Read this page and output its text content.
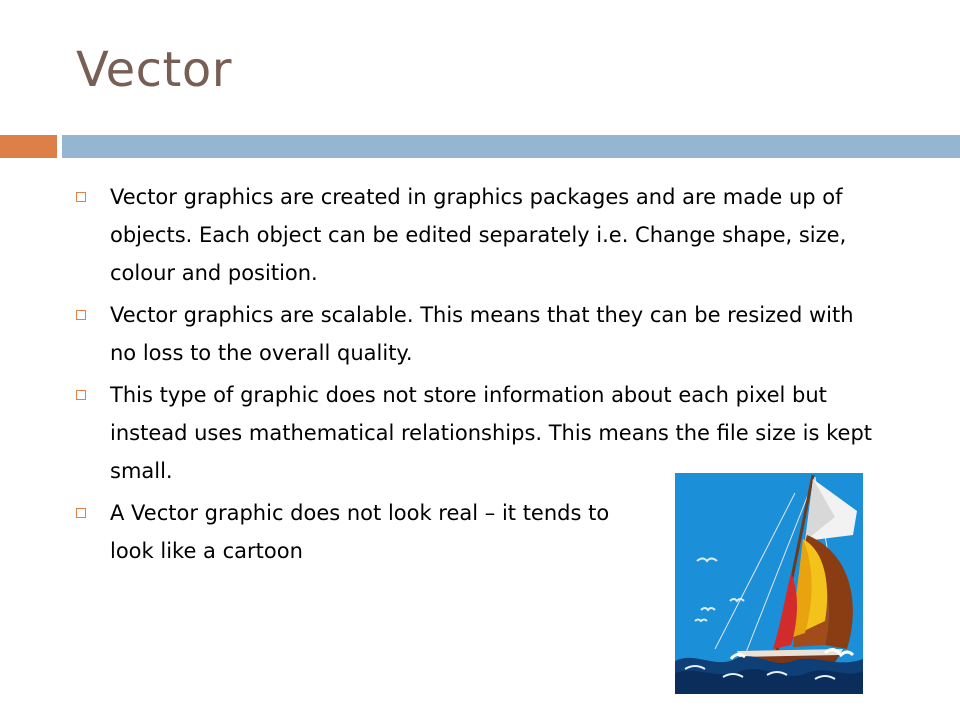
Vector
Vector graphics are created in graphics packages and are made up of objects. Each object can be edited separately i.e. Change shape, size, colour and position.
Vector graphics are scalable. This means that they can be resized with no loss to the overall quality.
This type of graphic does not store information about each pixel but instead uses mathematical relationships. This means the file size is kept small.
A Vector graphic does not look real – it tends to look like a cartoon
